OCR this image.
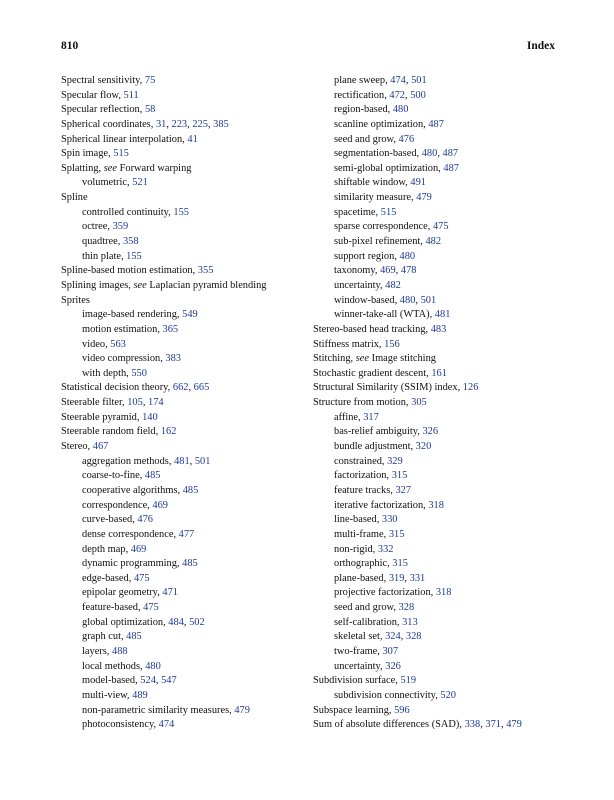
810	Index
Spectral sensitivity, 75
Specular flow, 511
Specular reflection, 58
Spherical coordinates, 31, 223, 225, 385
Spherical linear interpolation, 41
Spin image, 515
Splatting, see Forward warping
volumetric, 521
Spline
controlled continuity, 155
octree, 359
quadtree, 358
thin plate, 155
Spline-based motion estimation, 355
Splining images, see Laplacian pyramid blending
Sprites
image-based rendering, 549
motion estimation, 365
video, 563
video compression, 383
with depth, 550
Statistical decision theory, 662, 665
Steerable filter, 105, 174
Steerable pyramid, 140
Steerable random field, 162
Stereo, 467
aggregation methods, 481, 501
coarse-to-fine, 485
cooperative algorithms, 485
correspondence, 469
curve-based, 476
dense correspondence, 477
depth map, 469
dynamic programming, 485
edge-based, 475
epipolar geometry, 471
feature-based, 475
global optimization, 484, 502
graph cut, 485
layers, 488
local methods, 480
model-based, 524, 547
multi-view, 489
non-parametric similarity measures, 479
photoconsistency, 474
plane sweep, 474, 501
rectification, 472, 500
region-based, 480
scanline optimization, 487
seed and grow, 476
segmentation-based, 480, 487
semi-global optimization, 487
shiftable window, 491
similarity measure, 479
spacetime, 515
sparse correspondence, 475
sub-pixel refinement, 482
support region, 480
taxonomy, 469, 478
uncertainty, 482
window-based, 480, 501
winner-take-all (WTA), 481
Stereo-based head tracking, 483
Stiffness matrix, 156
Stitching, see Image stitching
Stochastic gradient descent, 161
Structural Similarity (SSIM) index, 126
Structure from motion, 305
affine, 317
bas-relief ambiguity, 326
bundle adjustment, 320
constrained, 329
factorization, 315
feature tracks, 327
iterative factorization, 318
line-based, 330
multi-frame, 315
non-rigid, 332
orthographic, 315
plane-based, 319, 331
projective factorization, 318
seed and grow, 328
self-calibration, 313
skeletal set, 324, 328
two-frame, 307
uncertainty, 326
Subdivision surface, 519
subdivision connectivity, 520
Subspace learning, 596
Sum of absolute differences (SAD), 338, 371, 479
